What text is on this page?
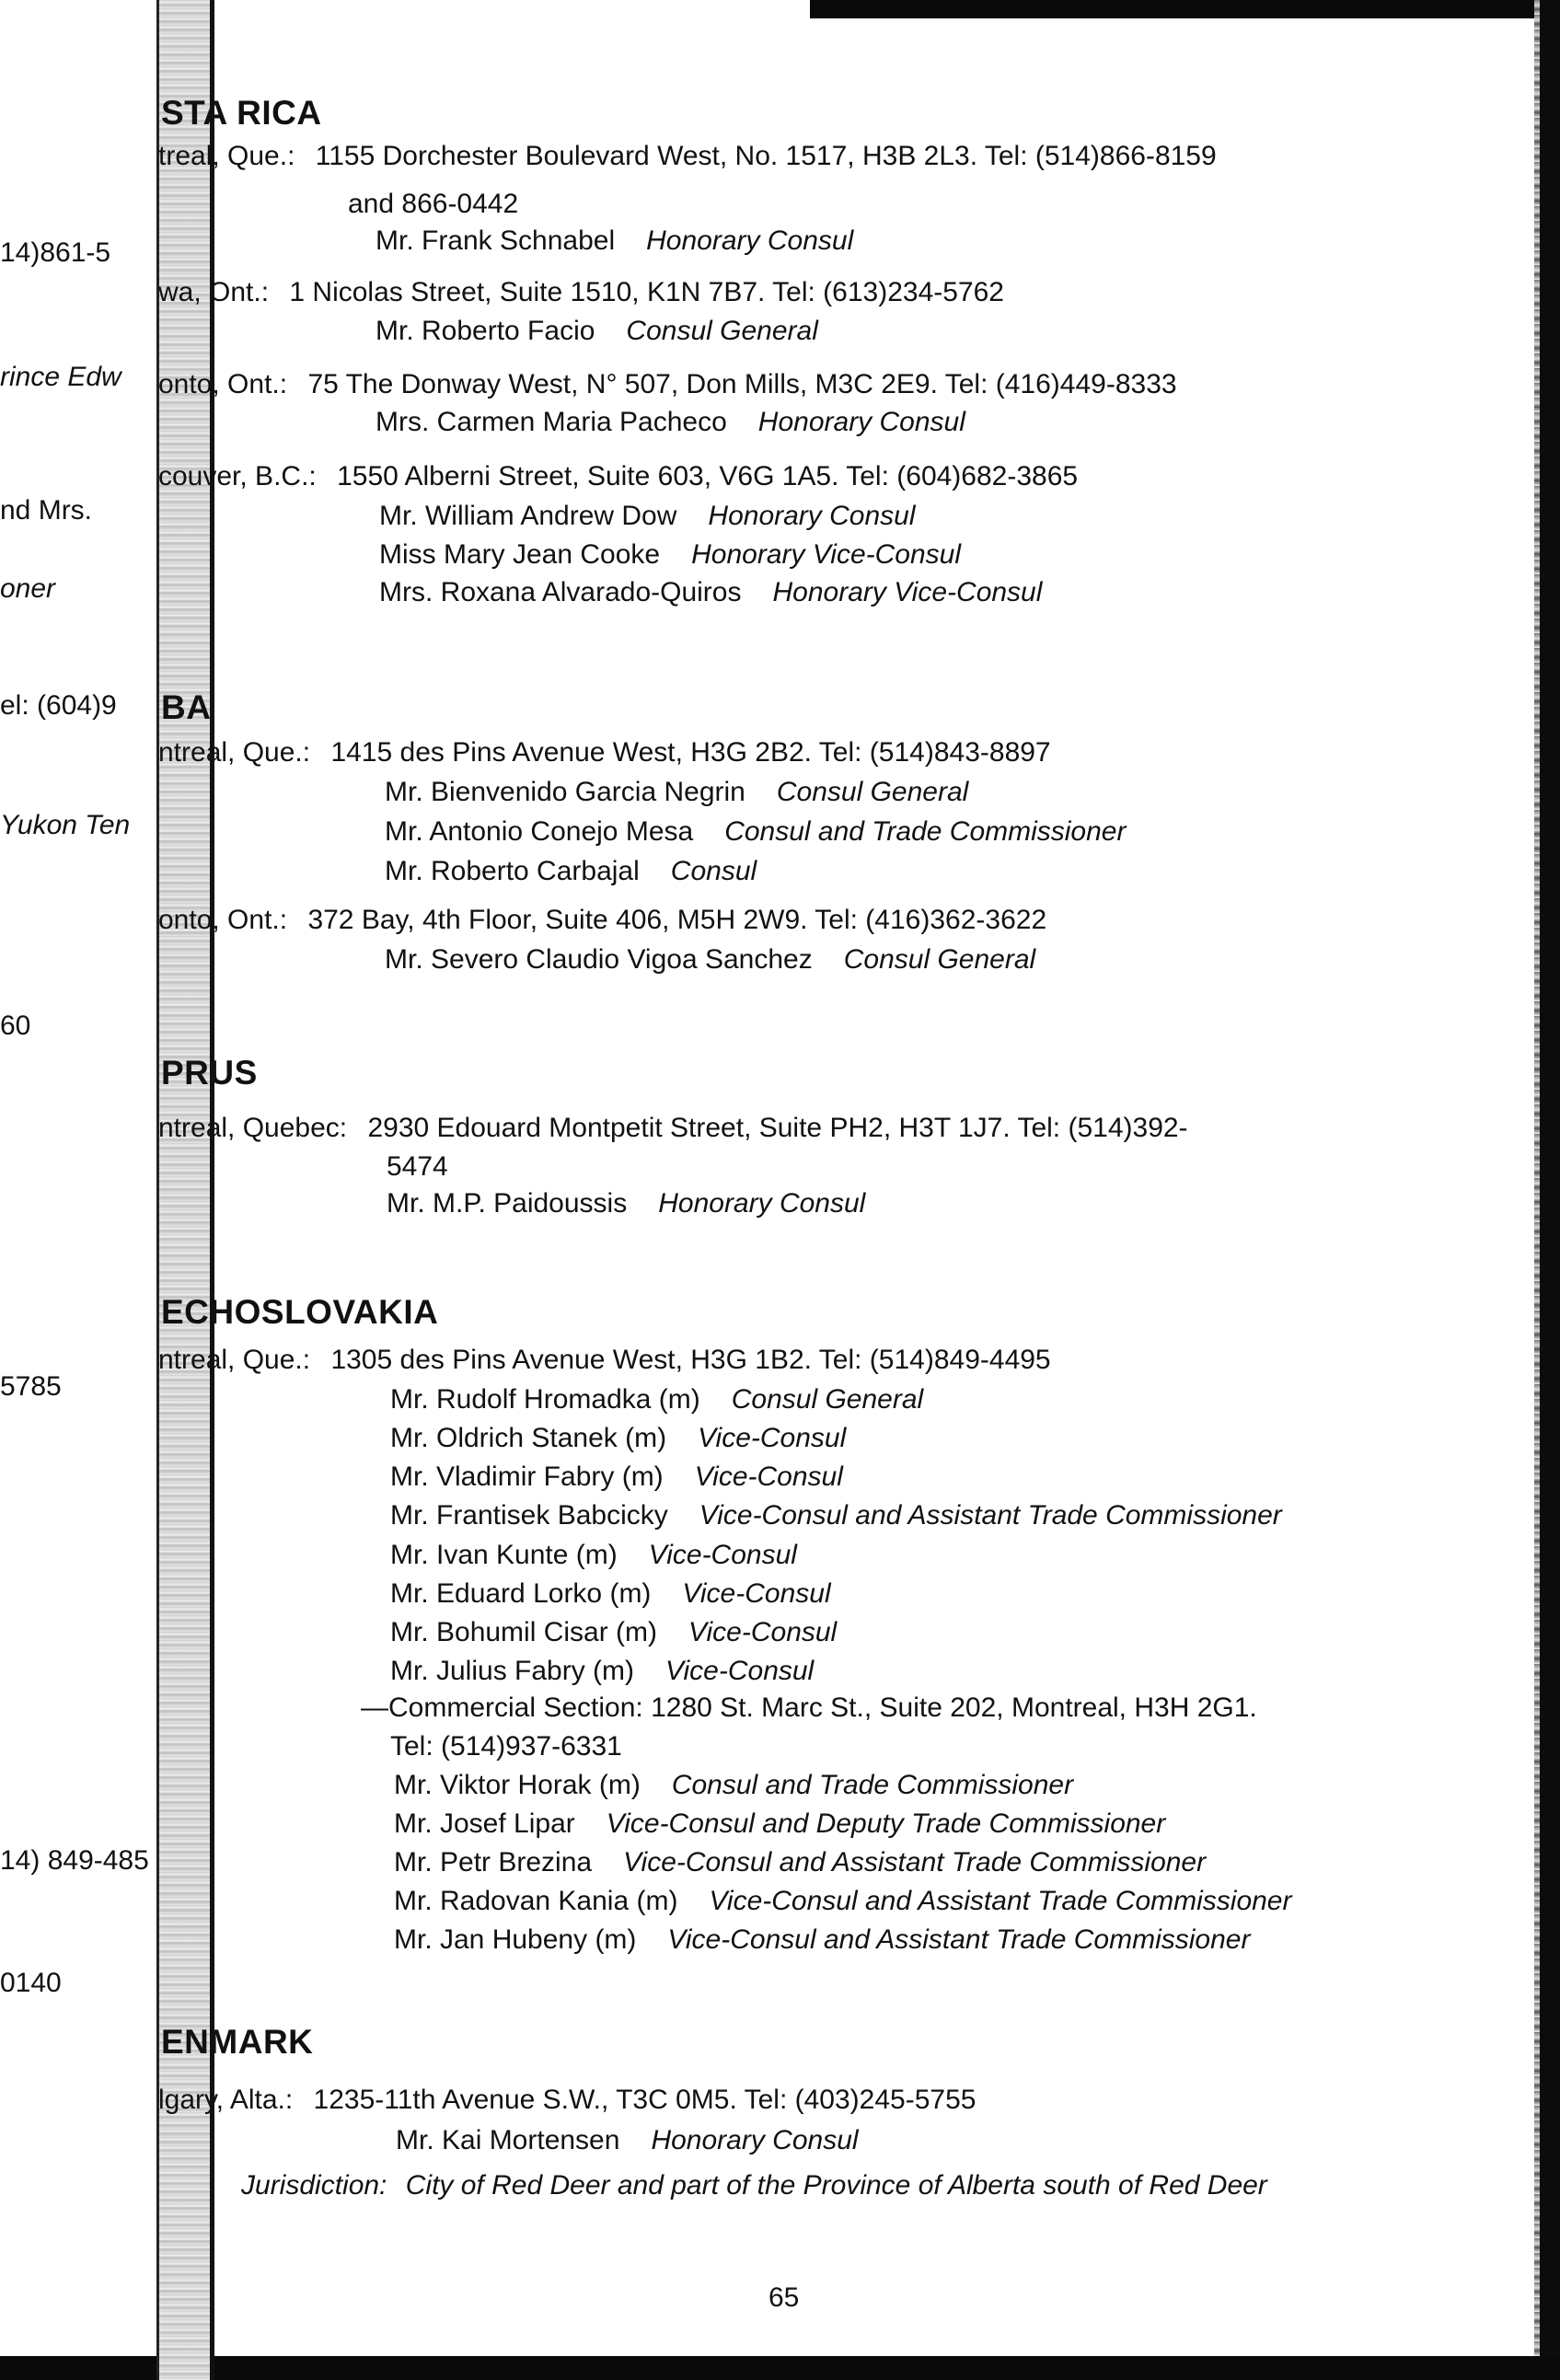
14)861-5
rince Edw
nd Mrs.
oner
el: (604)9
Yukon Ten
60
5785
14) 849-485
0140
STA RICA
treal, Que.: 1155 Dorchester Boulevard West, No. 1517, H3B 2L3. Tel: (514)866-8159
and 866-0442
Mr. Frank Schnabel Honorary Consul
wa, Ont.: 1 Nicolas Street, Suite 1510, K1N 7B7. Tel: (613)234-5762
Mr. Roberto Facio Consul General
onto, Ont.: 75 The Donway West, N° 507, Don Mills, M3C 2E9. Tel: (416)449-8333
Mrs. Carmen Maria Pacheco Honorary Consul
couver, B.C.: 1550 Alberni Street, Suite 603, V6G 1A5. Tel: (604)682-3865
Mr. William Andrew Dow Honorary Consul
Miss Mary Jean Cooke Honorary Vice-Consul
Mrs. Roxana Alvarado-Quiros Honorary Vice-Consul
BA
ntreal, Que.: 1415 des Pins Avenue West, H3G 2B2. Tel: (514)843-8897
Mr. Bienvenido Garcia Negrin Consul General
Mr. Antonio Conejo Mesa Consul and Trade Commissioner
Mr. Roberto Carbajal Consul
onto, Ont.: 372 Bay, 4th Floor, Suite 406, M5H 2W9. Tel: (416)362-3622
Mr. Severo Claudio Vigoa Sanchez Consul General
PRUS
ntreal, Quebec: 2930 Edouard Montpetit Street, Suite PH2, H3T 1J7. Tel: (514)392-
5474
Mr. M.P. Paidoussis Honorary Consul
ECHOSLOVAKIA
ntreal, Que.: 1305 des Pins Avenue West, H3G 1B2. Tel: (514)849-4495
Mr. Rudolf Hromadka (m) Consul General
Mr. Oldrich Stanek (m) Vice-Consul
Mr. Vladimir Fabry (m) Vice-Consul
Mr. Frantisek Babcicky Vice-Consul and Assistant Trade Commissioner
Mr. Ivan Kunte (m) Vice-Consul
Mr. Eduard Lorko (m) Vice-Consul
Mr. Bohumil Cisar (m) Vice-Consul
Mr. Julius Fabry (m) Vice-Consul
—Commercial Section: 1280 St. Marc St., Suite 202, Montreal, H3H 2G1.
Tel: (514)937-6331
Mr. Viktor Horak (m) Consul and Trade Commissioner
Mr. Josef Lipar Vice-Consul and Deputy Trade Commissioner
Mr. Petr Brezina Vice-Consul and Assistant Trade Commissioner
Mr. Radovan Kania (m) Vice-Consul and Assistant Trade Commissioner
Mr. Jan Hubeny (m) Vice-Consul and Assistant Trade Commissioner
ENMARK
lgary, Alta.: 1235-11th Avenue S.W., T3C 0M5. Tel: (403)245-5755
Mr. Kai Mortensen Honorary Consul
Jurisdiction: City of Red Deer and part of the Province of Alberta south of Red Deer
65
